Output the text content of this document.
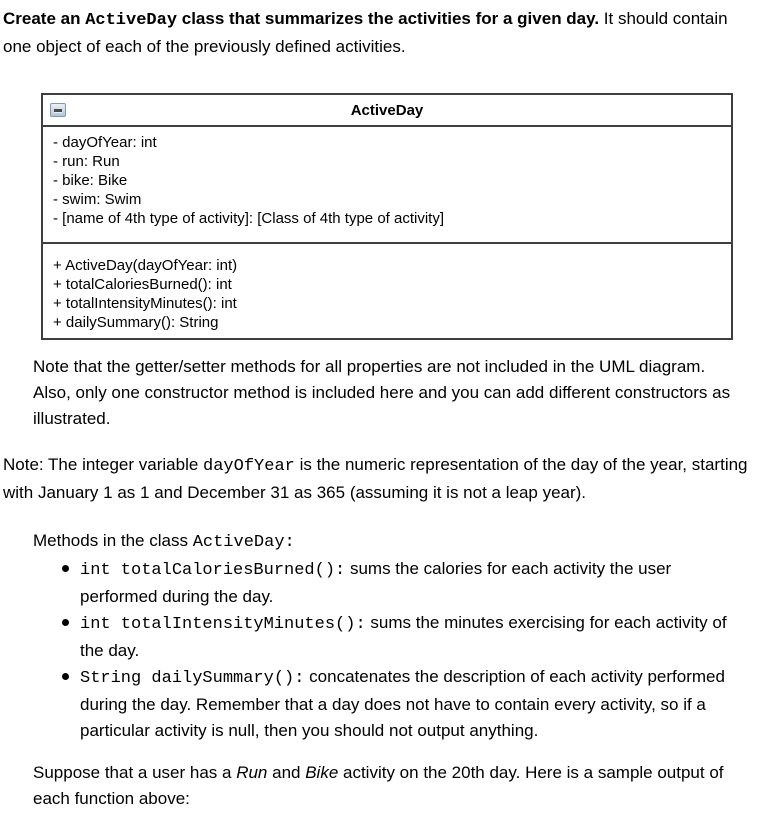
Create an ActiveDay class that summarizes the activities for a given day. It should contain one object of each of the previously defined activities.

ActiveDay
- dayOfYear: int
- run: Run
- bike: Bike
- swim: Swim
- [name of 4th type of activity]: [Class of 4th type of activity]
+ ActiveDay(dayOfYear: int)
+ totalCaloriesBurned(): int
+ totalIntensityMinutes(): int
+ dailySummary(): String

Note that the getter/setter methods for all properties are not included in the UML diagram. Also, only one constructor method is included here and you can add different constructors as illustrated.

Note: The integer variable dayOfYear is the numeric representation of the day of the year, starting with January 1 as 1 and December 31 as 365 (assuming it is not a leap year).

Methods in the class ActiveDay:

int totalCaloriesBurned(): sums the calories for each activity the user performed during the day.
int totalIntensityMinutes(): sums the minutes exercising for each activity of the day.
String dailySummary(): concatenates the description of each activity performed during the day. Remember that a day does not have to contain every activity, so if a particular activity is null, then you should not output anything.

Suppose that a user has a Run and Bike activity on the 20th day. Here is a sample output of each function above:
